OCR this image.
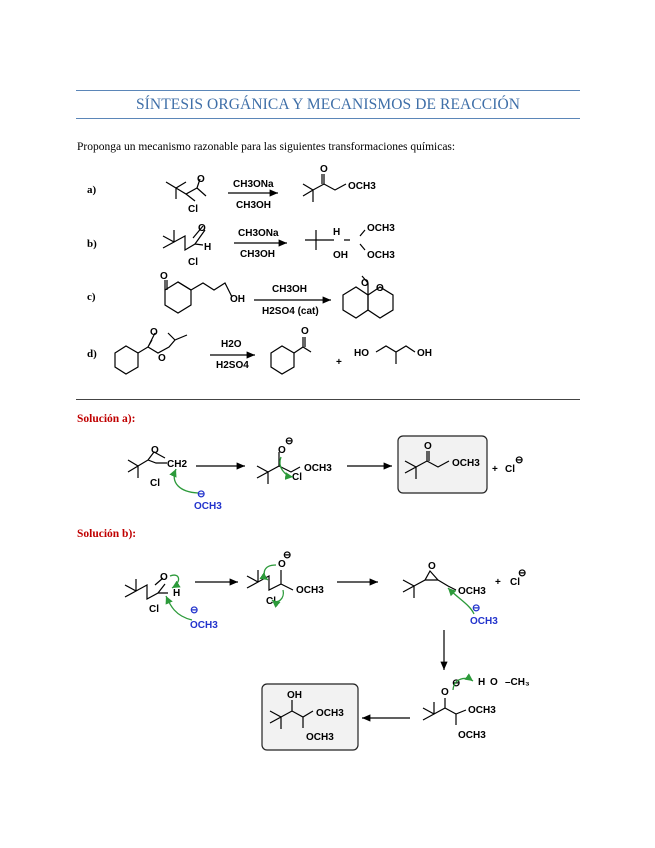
SÍNTESIS ORGÁNICA Y MECANISMOS DE REACCIÓN
Proponga un mecanismo razonable para las siguientes transformaciones químicas:
Solución a):
Solución b):
a)
O
Cl
CH3ONa
CH3OH
O
OCH3
b)
O
H
Cl
CH3ONa
CH3OH
H
OH
OCH3
OCH3
c)
O
OH
CH3OH
H2SO4 (cat)
O O
d)
O
O
H2O
H2SO4
O
+
HO	OH
O
CH2
Cl
⊖
OCH3
O
⊖
OCH3
Cl
O
OCH3
+ Cl
⊖
O
H
Cl	⊖
OCH3
O
⊖
OCH3
Cl
O
OCH3
+ Cl
⊖
⊖
OCH3
O
⊖ H O –CH₃
OCH3
OCH3
OH
OCH3
OCH3
